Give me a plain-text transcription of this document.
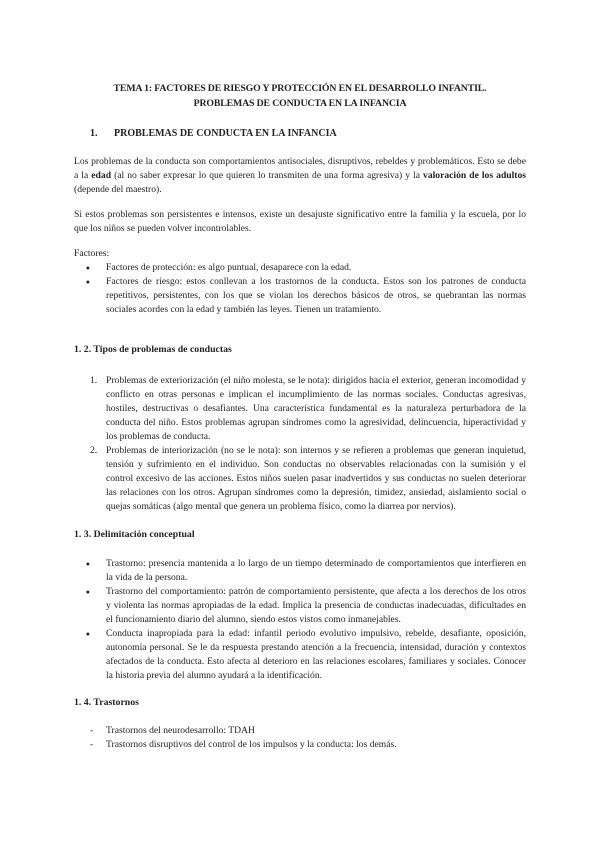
TEMA 1: FACTORES DE RIESGO Y PROTECCIÓN EN EL DESARROLLO INFANTIL.
PROBLEMAS DE CONDUCTA EN LA INFANCIA
1.	PROBLEMAS DE CONDUCTA EN LA INFANCIA

Los problemas de la conducta son comportamientos antisociales, disruptivos, rebeldes y problemáticos. Esto se debe a la edad (al no saber expresar lo que quieren lo transmiten de una forma agresiva) y la valoración de los adultos (depende del maestro).

Si estos problemas son persistentes e intensos, existe un desajuste significativo entre la familia y la escuela, por lo que los niños se pueden volver incontrolables.

Factores:

●
Factores de protección: es algo puntual, desaparece con la edad.
●
Factores de riesgo: estos conllevan a los trastornos de la conducta. Estos son los patrones de conducta repetitivos, persistentes, con los que se violan los derechos básicos de otros, se quebrantan las normas sociales acordes con la edad y también las leyes. Tienen un tratamiento.
1. 2. Tipos de problemas de conductas
1. Problemas de exteriorización (el niño molesta, se le nota): dirigidos hacia el exterior, generan incomodidad y conflicto en otras personas e implican el incumplimiento de las normas sociales. Conductas agresivas, hostiles, destructivas o desafiantes. Una característica fundamental es la naturaleza perturbadora de la conducta del niño. Estos problemas agrupan síndromes como la agresividad, delincuencia, hiperactividad y los problemas de conducta.
2. Problemas de interiorización (no se le nota): son internos y se refieren a problemas que generan inquietud, tensión y sufrimiento en el individuo. Son conductas no observables relacionadas con la sumisión y el control excesivo de las acciones. Estos niños suelen pasar inadvertidos y sus conductas no suelen deteriorar las relaciones con los otros. Agrupan síndromes como la depresión, timidez, ansiedad, aislamiento social o quejas somáticas (algo mental que genera un problema físico, como la diarrea por nervios).
1. 3. Delimitación conceptual
●
Trastorno: presencia mantenida a lo largo de un tiempo determinado de comportamientos que interfieren en la vida de la persona.
●
Trastorno del comportamiento: patrón de comportamiento persistente, que afecta a los derechos de los otros y violenta las normas apropiadas de la edad. Implica la presencia de conductas inadecuadas, dificultades en el funcionamiento diario del alumno, siendo estos vistos como inmanejables.
●
Conducta inapropiada para la edad: infantil periodo evolutivo impulsivo, rebelde, desafiante, oposición, autonomía personal. Se le da respuesta prestando atención a la frecuencia, intensidad, duración y contextos afectados de la conducta. Esto afecta al deterioro en las relaciones escolares, familiares y sociales. Conocer la historia previa del alumno ayudará a la identificación.
1. 4. Trastornos
-	Trastornos del neurodesarrollo: TDAH
-	Trastornos disruptivos del control de los impulsos y la conducta: los demás.
